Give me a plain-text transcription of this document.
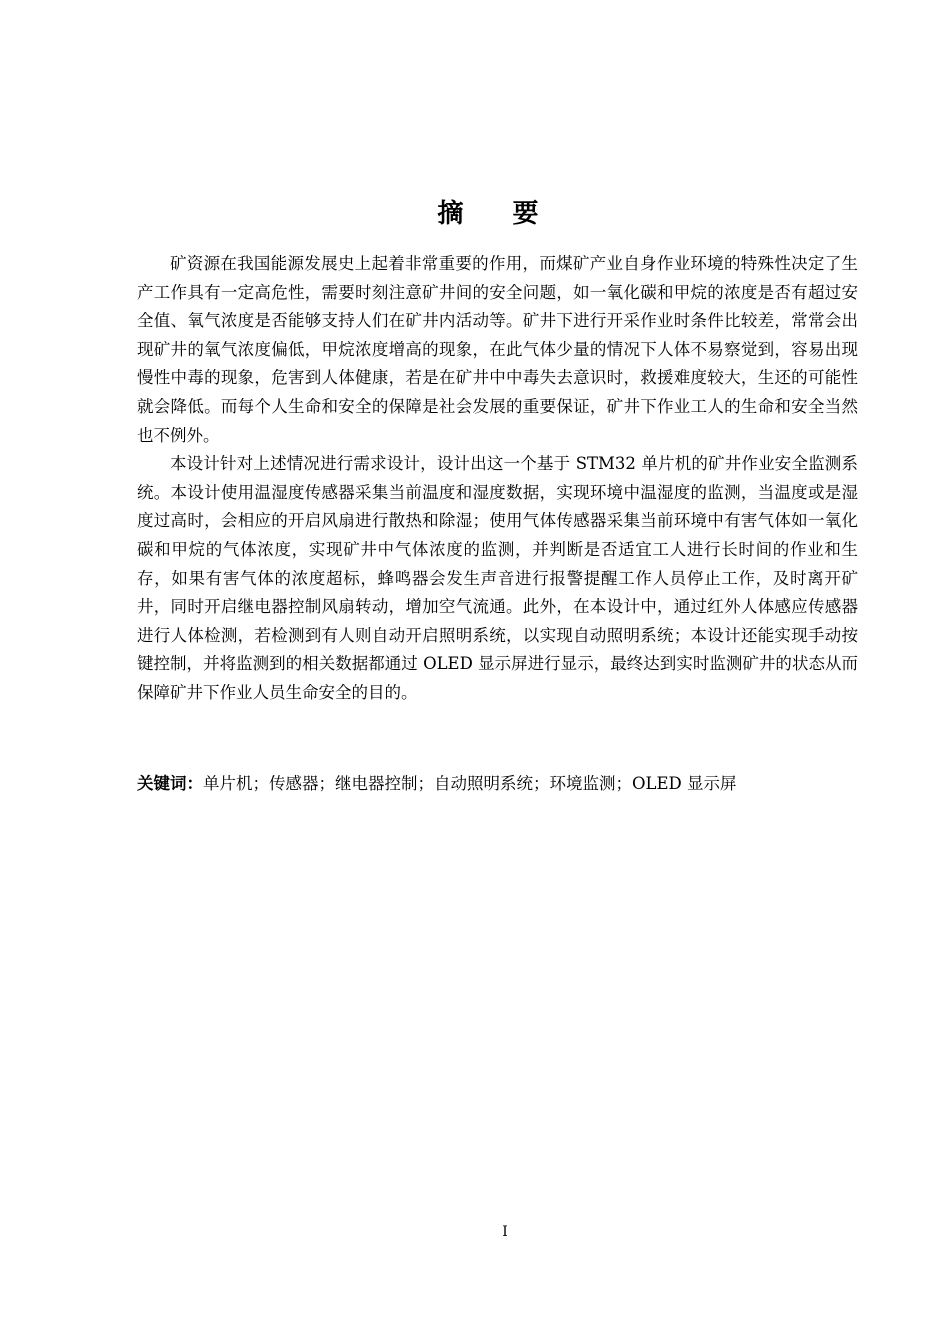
摘 要

矿资源在我国能源发展史上起着非常重要的作用，而煤矿产业自身作业环境的特殊性决定了生产工作具有一定高危性，需要时刻注意矿井间的安全问题，如一氧化碳和甲烷的浓度是否有超过安全值、氧气浓度是否能够支持人们在矿井内活动等。矿井下进行开采作业时条件比较差，常常会出现矿井的氧气浓度偏低，甲烷浓度增高的现象，在此气体少量的情况下人体不易察觉到，容易出现慢性中毒的现象，危害到人体健康，若是在矿井中中毒失去意识时，救援难度较大，生还的可能性就会降低。而每个人生命和安全的保障是社会发展的重要保证，矿井下作业工人的生命和安全当然也不例外。

本设计针对上述情况进行需求设计，设计出这一个基于 STM32 单片机的矿井作业安全监测系统。本设计使用温湿度传感器采集当前温度和湿度数据，实现环境中温湿度的监测，当温度或是湿度过高时，会相应的开启风扇进行散热和除湿；使用气体传感器采集当前环境中有害气体如一氧化碳和甲烷的气体浓度，实现矿井中气体浓度的监测，并判断是否适宜工人进行长时间的作业和生存，如果有害气体的浓度超标，蜂鸣器会发生声音进行报警提醒工作人员停止工作，及时离开矿井，同时开启继电器控制风扇转动，增加空气流通。此外，在本设计中，通过红外人体感应传感器进行人体检测，若检测到有人则自动开启照明系统，以实现自动照明系统；本设计还能实现手动按键控制，并将监测到的相关数据都通过 OLED 显示屏进行显示，最终达到实时监测矿井的状态从而保障矿井下作业人员生命安全的目的。

关键词：单片机；传感器；继电器控制；自动照明系统；环境监测；OLED 显示屏

I
